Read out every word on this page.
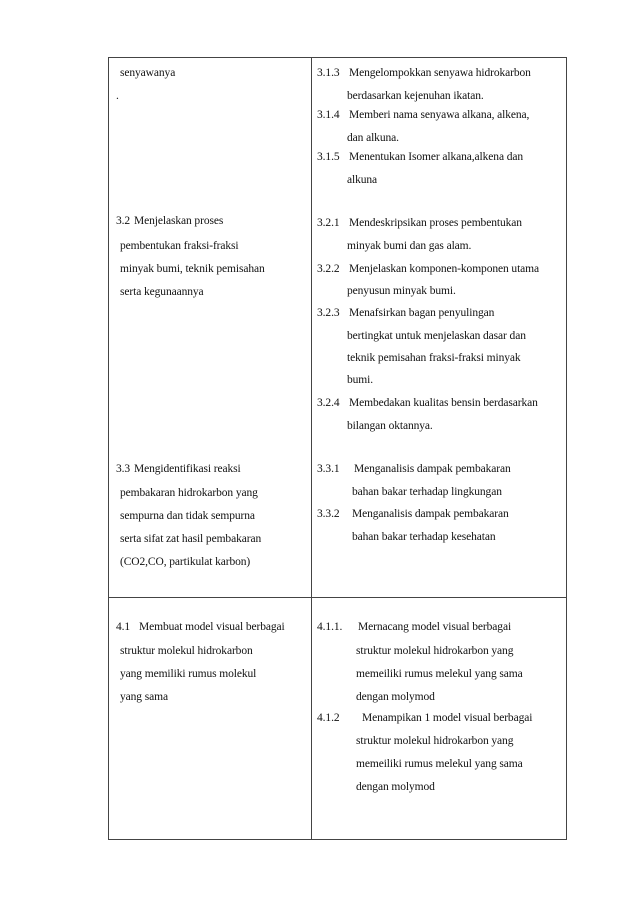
senyawanya
.
3.1.3 Mengelompokkan senyawa hidrokarbon
berdasarkan kejenuhan ikatan.
3.1.4 Memberi nama senyawa alkana, alkena,
dan alkuna.
3.1.5 Menentukan Isomer alkana,alkena dan
alkuna
3.2 Menjelaskan proses
pembentukan fraksi-fraksi
minyak bumi, teknik pemisahan
serta kegunaannya
3.2.1 Mendeskripsikan proses pembentukan
minyak bumi dan gas alam.
3.2.2 Menjelaskan komponen-komponen utama
penyusun minyak bumi.
3.2.3 Menafsirkan bagan penyulingan
bertingkat untuk menjelaskan dasar dan
teknik pemisahan fraksi-fraksi minyak
bumi.
3.2.4 Membedakan kualitas bensin berdasarkan
bilangan oktannya.
3.3 Mengidentifikasi reaksi
pembakaran hidrokarbon yang
sempurna dan tidak sempurna
serta sifat zat hasil pembakaran
(CO2,CO, partikulat karbon)
3.3.1 Menganalisis dampak pembakaran
bahan bakar terhadap lingkungan
3.3.2 Menganalisis dampak pembakaran
bahan bakar terhadap kesehatan
4.1 Membuat model visual berbagai
struktur molekul hidrokarbon
yang memiliki rumus molekul
yang sama
4.1.1. Mernacang model visual berbagai
struktur molekul hidrokarbon yang
memeiliki rumus melekul yang sama
dengan molymod
4.1.2 Menampikan 1 model visual berbagai
struktur molekul hidrokarbon yang
memeiliki rumus melekul yang sama
dengan molymod
